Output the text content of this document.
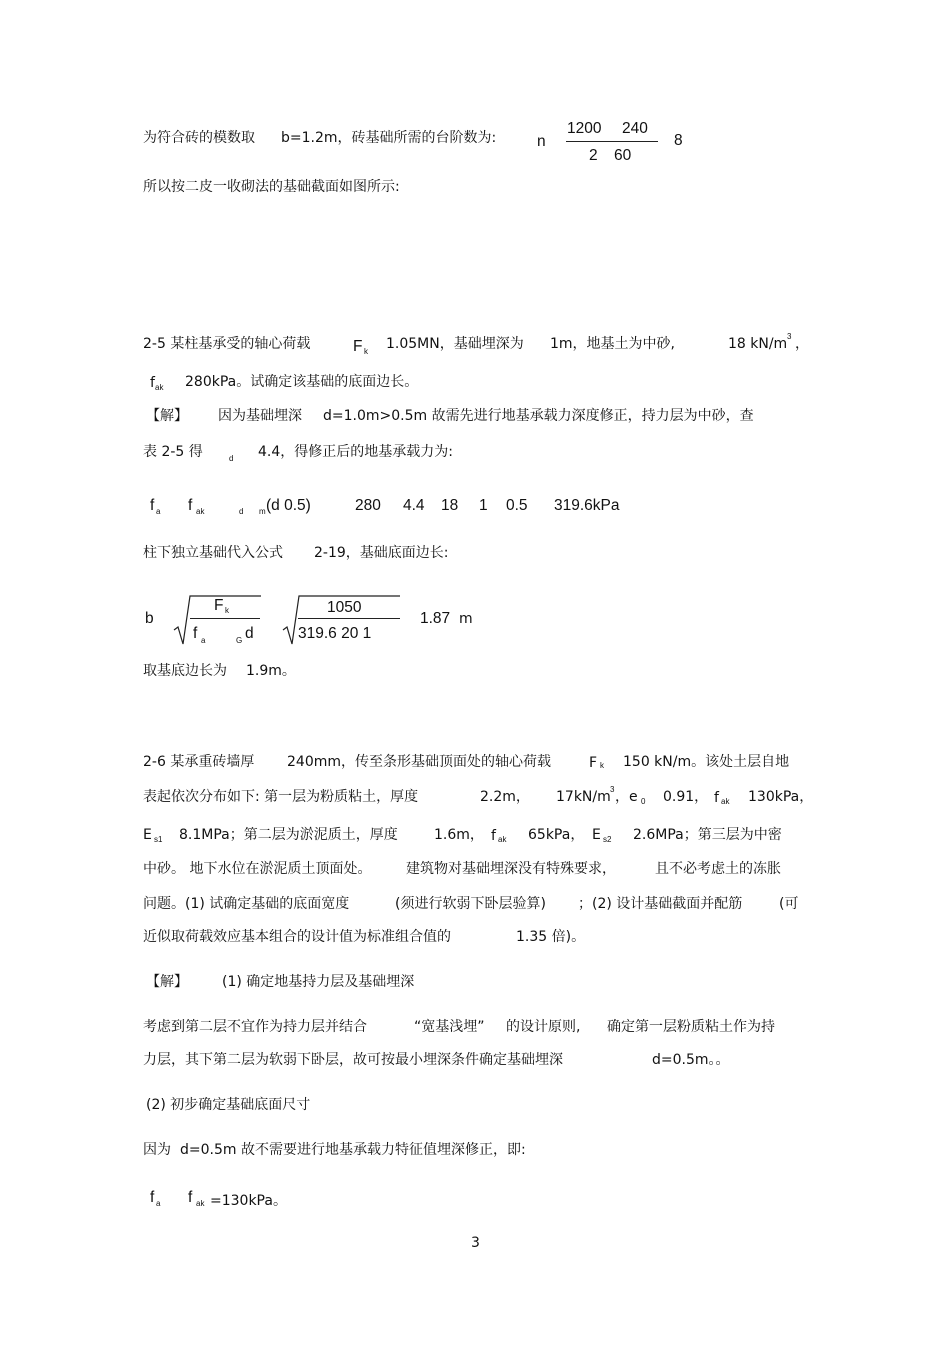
为符合砖的模数取 b=1.2m，砖基础所需的台阶数为:	n
1200 240
2 60
8
所以按二皮一收砌法的基础截面如图所示:
2-5 某柱基承受的轴心荷载	F k 1.05MN，基础埋深为 1m，地基土为中砂,	18 kN/m 3 ，
f ak 280kPa。试确定该基础的底面边长。
【解】 因为基础埋深 d=1.0m>0.5m 故需先进行地基承载力深度修正，持力层为中砂，查
表 2-5 得	d 4.4，得修正后的地基承载力为:
f a f ak	d m (d 0.5)	280 4.4 18 1 0.5 319.6kPa
柱下独立基础代入公式 2-19，基础底面边长:
b
F k
f a	G d
1050
319.6 20 1
1.87 m
取基底边长为 1.9m。
2-6 某承重砖墙厚 240mm，传至条形基础顶面处的轴心荷载	F k 150 kN/m。该处土层自地
表起依次分布如下: 第一层为粉质粘土，厚度	2.2m， 17kN/m 3 ，e 0 0.91， f ak 130kPa，
E s1 8.1MPa；第二层为淤泥质土，厚度	1.6m， f ak 65kPa， E s2 2.6MPa；第三层为中密
中砂。 地下水位在淤泥质土顶面处。 建筑物对基础埋深没有特殊要求，	且不必考虑土的冻胀
问题。(1) 试确定基础的底面宽度	(须进行软弱下卧层验算) ；(2) 设计基础截面并配筋	(可
近似取荷载效应基本组合的设计值为标准组合值的	1.35 倍)。
【解】 (1) 确定地基持力层及基础埋深
考虑到第二层不宜作为持力层并结合	“宽基浅埋” 的设计原则, 确定第一层粉质粘土作为持
力层，其下第二层为软弱下卧层，故可按最小埋深条件确定基础埋深	d=0.5m。。
(2) 初步确定基础底面尺寸
因为 d=0.5m 故不需要进行地基承载力特征值埋深修正，即:
f a f ak =130kPa。
3
